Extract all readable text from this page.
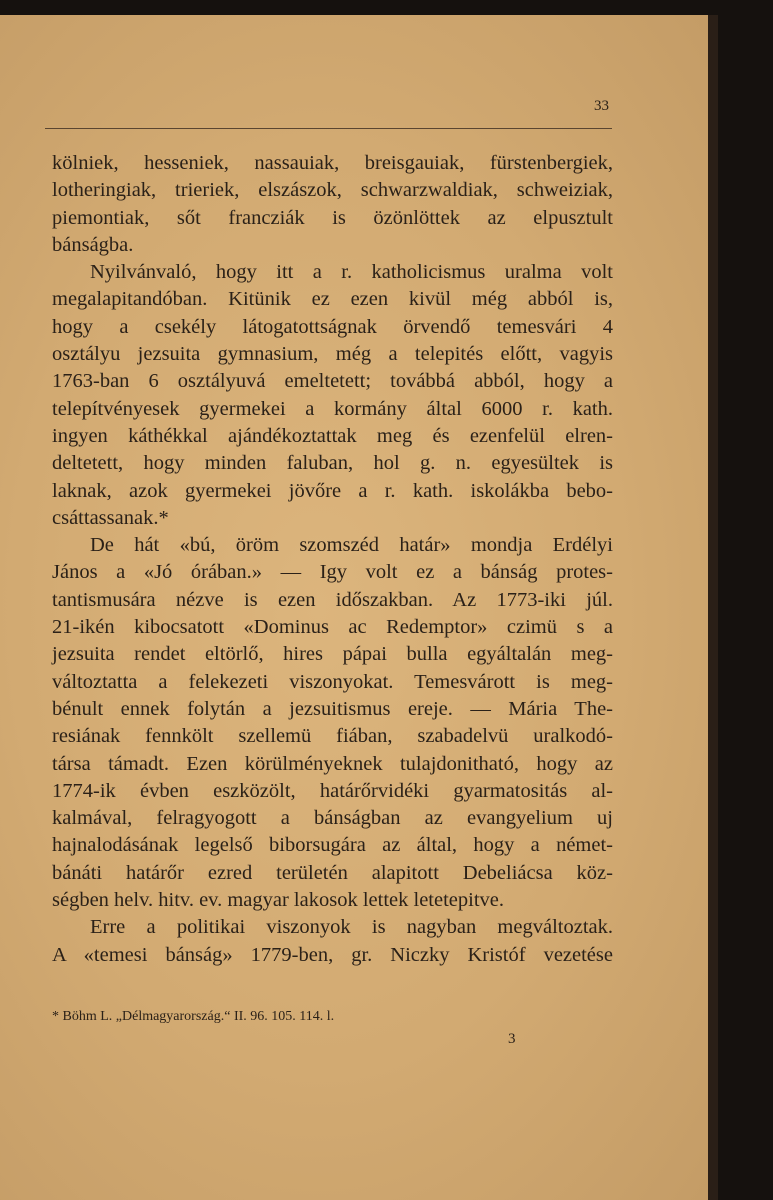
33
kölniek, hesseniek, nassauiak, breisgauiak, fürstenbergiek,
lotheringiak, trieriek, elszászok, schwarzwaldiak, schweiziak,
piemontiak, sőt francziák is özönlöttek az elpusztult
bánságba.
Nyilvánvaló, hogy itt a r. katholicismus uralma volt
megalapitandóban. Kitünik ez ezen kivül még abból is,
hogy a csekély látogatottságnak örvendő temesvári 4
osztályu jezsuita gymnasium, még a telepités előtt, vagyis
1763-ban 6 osztályuvá emeltetett; továbbá abból, hogy a
telepítvényesek gyermekei a kormány által 6000 r. kath.
ingyen káthékkal ajándékoztattak meg és ezenfelül elren-
deltetett, hogy minden faluban, hol g. n. egyesültek is
laknak, azok gyermekei jövőre a r. kath. iskolákba bebo-
csáttassanak.*
De hát «bú, öröm szomszéd határ» mondja Erdélyi
János a «Jó órában.» — Igy volt ez a bánság protes-
tantismusára nézve is ezen időszakban. Az 1773-iki júl.
21-ikén kibocsatott «Dominus ac Redemptor» czimü s a
jezsuita rendet eltörlő, hires pápai bulla egyáltalán meg-
változtatta a felekezeti viszonyokat. Temesvárott is meg-
bénult ennek folytán a jezsuitismus ereje. — Mária The-
resiának fennkölt szellemü fiában, szabadelvü uralkodó-
társa támadt. Ezen körülményeknek tulajdonitható, hogy az
1774-ik évben eszközölt, határőrvidéki gyarmatositás al-
kalmával, felragyogott a bánságban az evangyelium uj
hajnalodásának legelső biborsugára az által, hogy a német-
bánáti határőr ezred területén alapitott Debeliácsa köz-
ségben helv. hitv. ev. magyar lakosok lettek letetepitve.
Erre a politikai viszonyok is nagyban megváltoztak.
A «temesi bánság» 1779-ben, gr. Niczky Kristóf vezetése
* Böhm L. „Délmagyarország.“ II. 96. 105. 114. l.
3
